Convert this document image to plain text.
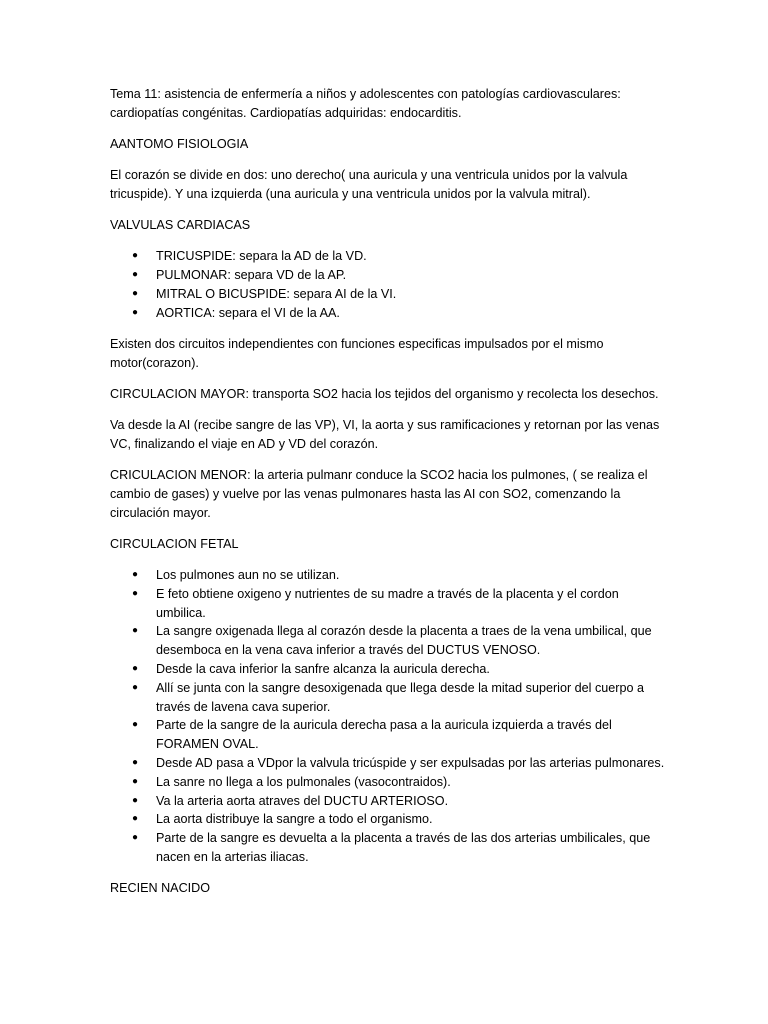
Tema 11: asistencia de enfermería a niños y adolescentes con patologías cardiovasculares: cardiopatías congénitas. Cardiopatías adquiridas: endocarditis.

AANTOMO FISIOLOGIA

El corazón se divide en dos: uno derecho( una auricula y una ventricula unidos por la valvula tricuspide). Y una izquierda (una auricula y una ventricula unidos por la valvula mitral).

VALVULAS CARDIACAS

● TRICUSPIDE: separa la AD de la VD.
● PULMONAR: separa VD de la AP.
● MITRAL O BICUSPIDE: separa AI de la VI.
● AORTICA: separa el VI de la AA.

Existen dos circuitos independientes con funciones especificas impulsados por el mismo motor(corazon).

CIRCULACION MAYOR: transporta SO2 hacia los tejidos del organismo y recolecta los desechos.

Va desde la AI (recibe sangre de las VP), VI, la aorta y sus ramificaciones y retornan por las venas VC, finalizando el viaje en AD y VD del corazón.

CRICULACION MENOR: la arteria pulmanr conduce la SCO2 hacia los pulmones, ( se realiza el cambio de gases) y vuelve por las venas pulmonares hasta las AI con SO2, comenzando la circulación mayor.

CIRCULACION FETAL

● Los pulmones aun no se utilizan.
● E feto obtiene oxigeno y nutrientes de su madre a través de la placenta y el cordon umbilica.
● La sangre oxigenada llega al corazón desde la placenta a traes de la vena umbilical, que desemboca en la vena cava inferior a través del DUCTUS VENOSO.
● Desde la cava inferior la sanfre alcanza la auricula derecha.
● Allí se junta con la sangre desoxigenada que llega desde la mitad superior del cuerpo a través de lavena cava superior.
● Parte de la sangre de la auricula derecha pasa a la auricula izquierda a través del FORAMEN OVAL.
● Desde AD pasa a VDpor la valvula tricúspide y ser expulsadas por las arterias pulmonares.
● La sanre no llega a los pulmonales (vasocontraidos).
● Va la arteria aorta atraves del DUCTU ARTERIOSO.
● La aorta distribuye la sangre a todo el organismo.
● Parte de la sangre es devuelta a la placenta a través de las dos arterias umbilicales, que nacen en la arterias iliacas.

RECIEN NACIDO
